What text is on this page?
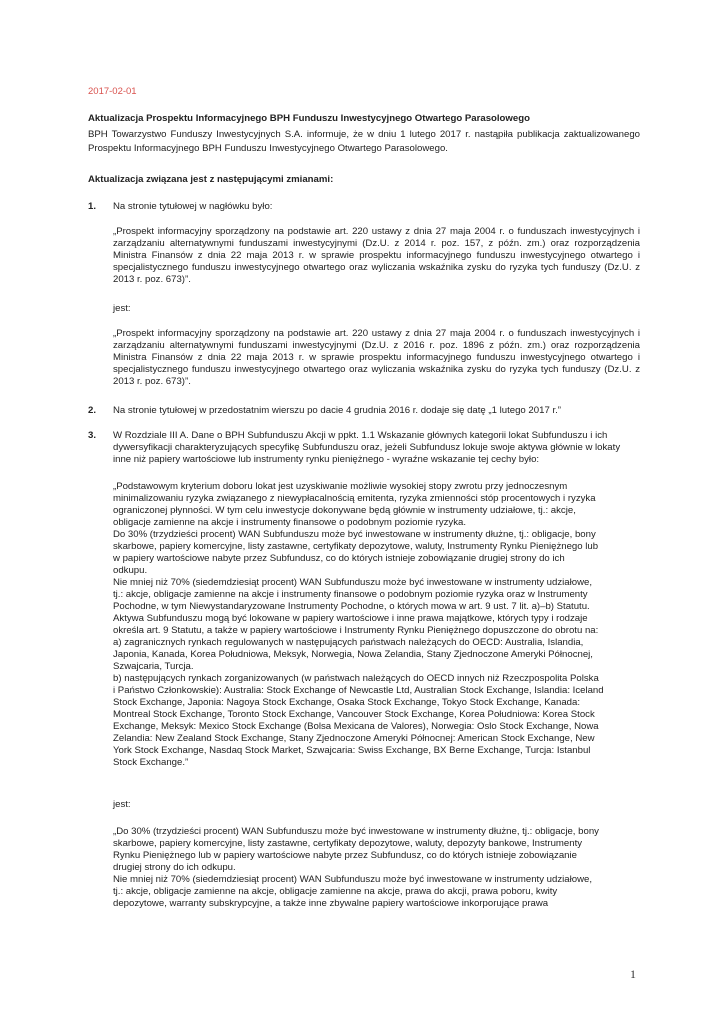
2017-02-01
Aktualizacja Prospektu Informacyjnego BPH Funduszu Inwestycyjnego Otwartego Parasolowego
BPH Towarzystwo Funduszy Inwestycyjnych S.A. informuje, że w dniu 1 lutego 2017 r. nastąpiła publikacja zaktualizowanego Prospektu Informacyjnego BPH Funduszu Inwestycyjnego Otwartego Parasolowego.
Aktualizacja związana jest z następującymi zmianami:
1. Na stronie tytułowej w nagłówku było:
„Prospekt informacyjny sporządzony na podstawie art. 220 ustawy z dnia 27 maja 2004 r. o funduszach inwestycyjnych i zarządzaniu alternatywnymi funduszami inwestycyjnymi (Dz.U. z 2014 r. poz. 157, z późn. zm.) oraz rozporządzenia Ministra Finansów z dnia 22 maja 2013 r. w sprawie prospektu informacyjnego funduszu inwestycyjnego otwartego i specjalistycznego funduszu inwestycyjnego otwartego oraz wyliczania wskaźnika zysku do ryzyka tych funduszy (Dz.U. z 2013 r. poz. 673)”.
jest:
„Prospekt informacyjny sporządzony na podstawie art. 220 ustawy z dnia 27 maja 2004 r. o funduszach inwestycyjnych i zarządzaniu alternatywnymi funduszami inwestycyjnymi (Dz.U. z 2016 r. poz. 1896 z późn. zm.) oraz rozporządzenia Ministra Finansów z dnia 22 maja 2013 r. w sprawie prospektu informacyjnego funduszu inwestycyjnego otwartego i specjalistycznego funduszu inwestycyjnego otwartego oraz wyliczania wskaźnika zysku do ryzyka tych funduszy (Dz.U. z 2013 r. poz. 673)”.
2. Na stronie tytułowej w przedostatnim wierszu po dacie 4 grudnia 2016 r. dodaje się datę „1 lutego 2017 r.”
3. W Rozdziale III A. Dane o BPH Subfunduszu Akcji w ppkt. 1.1 Wskazanie głównych kategorii lokat Subfunduszu i ich dywersyfikacji charakteryzujących specyfikę Subfunduszu oraz, jeżeli Subfundusz lokuje swoje aktywa głównie w lokaty inne niż papiery wartościowe lub instrumenty rynku pieniężnego - wyraźne wskazanie tej cechy było:
„Podstawowym kryterium doboru lokat jest uzyskiwanie możliwie wysokiej stopy zwrotu przy jednoczesnym
minimalizowaniu ryzyka związanego z niewypłacalnością emitenta, ryzyka zmienności stóp procentowych i ryzyka
ograniczonej płynności. W tym celu inwestycje dokonywane będą głównie w instrumenty udziałowe, tj.: akcje,
obligacje zamienne na akcje i instrumenty finansowe o podobnym poziomie ryzyka.
Do 30% (trzydzieści procent) WAN Subfunduszu może być inwestowane w instrumenty dłużne, tj.: obligacje, bony
skarbowe, papiery komercyjne, listy zastawne, certyfikaty depozytowe, waluty, Instrumenty Rynku Pieniężnego lub
w papiery wartościowe nabyte przez Subfundusz, co do których istnieje zobowiązanie drugiej strony do ich
odkupu.
Nie mniej niż 70% (siedemdziesiąt procent) WAN Subfunduszu może być inwestowane w instrumenty udziałowe,
tj.: akcje, obligacje zamienne na akcje i instrumenty finansowe o podobnym poziomie ryzyka oraz w Instrumenty
Pochodne, w tym Niewystandaryzowane Instrumenty Pochodne, o których mowa w art. 9 ust. 7 lit. a)–b) Statutu.
Aktywa Subfunduszu mogą być lokowane w papiery wartościowe i inne prawa majątkowe, których typy i rodzaje
określa art. 9 Statutu, a także w papiery wartościowe i Instrumenty Rynku Pieniężnego dopuszczone do obrotu na:
a) zagranicznych rynkach regulowanych w następujących państwach należących do OECD: Australia, Islandia,
Japonia, Kanada, Korea Południowa, Meksyk, Norwegia, Nowa Zelandia, Stany Zjednoczone Ameryki Północnej,
Szwajcaria, Turcja.
b) następujących rynkach zorganizowanych (w państwach należących do OECD innych niż Rzeczpospolita Polska
i Państwo Członkowskie): Australia: Stock Exchange of Newcastle Ltd, Australian Stock Exchange, Islandia: Iceland
Stock Exchange, Japonia: Nagoya Stock Exchange, Osaka Stock Exchange, Tokyo Stock Exchange, Kanada:
Montreal Stock Exchange, Toronto Stock Exchange, Vancouver Stock Exchange, Korea Południowa: Korea Stock
Exchange, Meksyk: Mexico Stock Exchange (Bolsa Mexicana de Valores), Norwegia: Oslo Stock Exchange, Nowa
Zelandia: New Zealand Stock Exchange, Stany Zjednoczone Ameryki Północnej: American Stock Exchange, New
York Stock Exchange, Nasdaq Stock Market, Szwajcaria: Swiss Exchange, BX Berne Exchange, Turcja: Istanbul
Stock Exchange.”
jest:
„Do 30% (trzydzieści procent) WAN Subfunduszu może być inwestowane w instrumenty dłużne, tj.: obligacje, bony
skarbowe, papiery komercyjne, listy zastawne, certyfikaty depozytowe, waluty, depozyty bankowe, Instrumenty
Rynku Pieniężnego lub w papiery wartościowe nabyte przez Subfundusz, co do których istnieje zobowiązanie
drugiej strony do ich odkupu.
Nie mniej niż 70% (siedemdziesiąt procent) WAN Subfunduszu może być inwestowane w instrumenty udziałowe,
tj.: akcje, obligacje zamienne na akcje, obligacje zamienne na akcje, prawa do akcji, prawa poboru, kwity
depozytowe, warranty subskrypcyjne, a także inne zbywalne papiery wartościowe inkorporujące prawa
1
